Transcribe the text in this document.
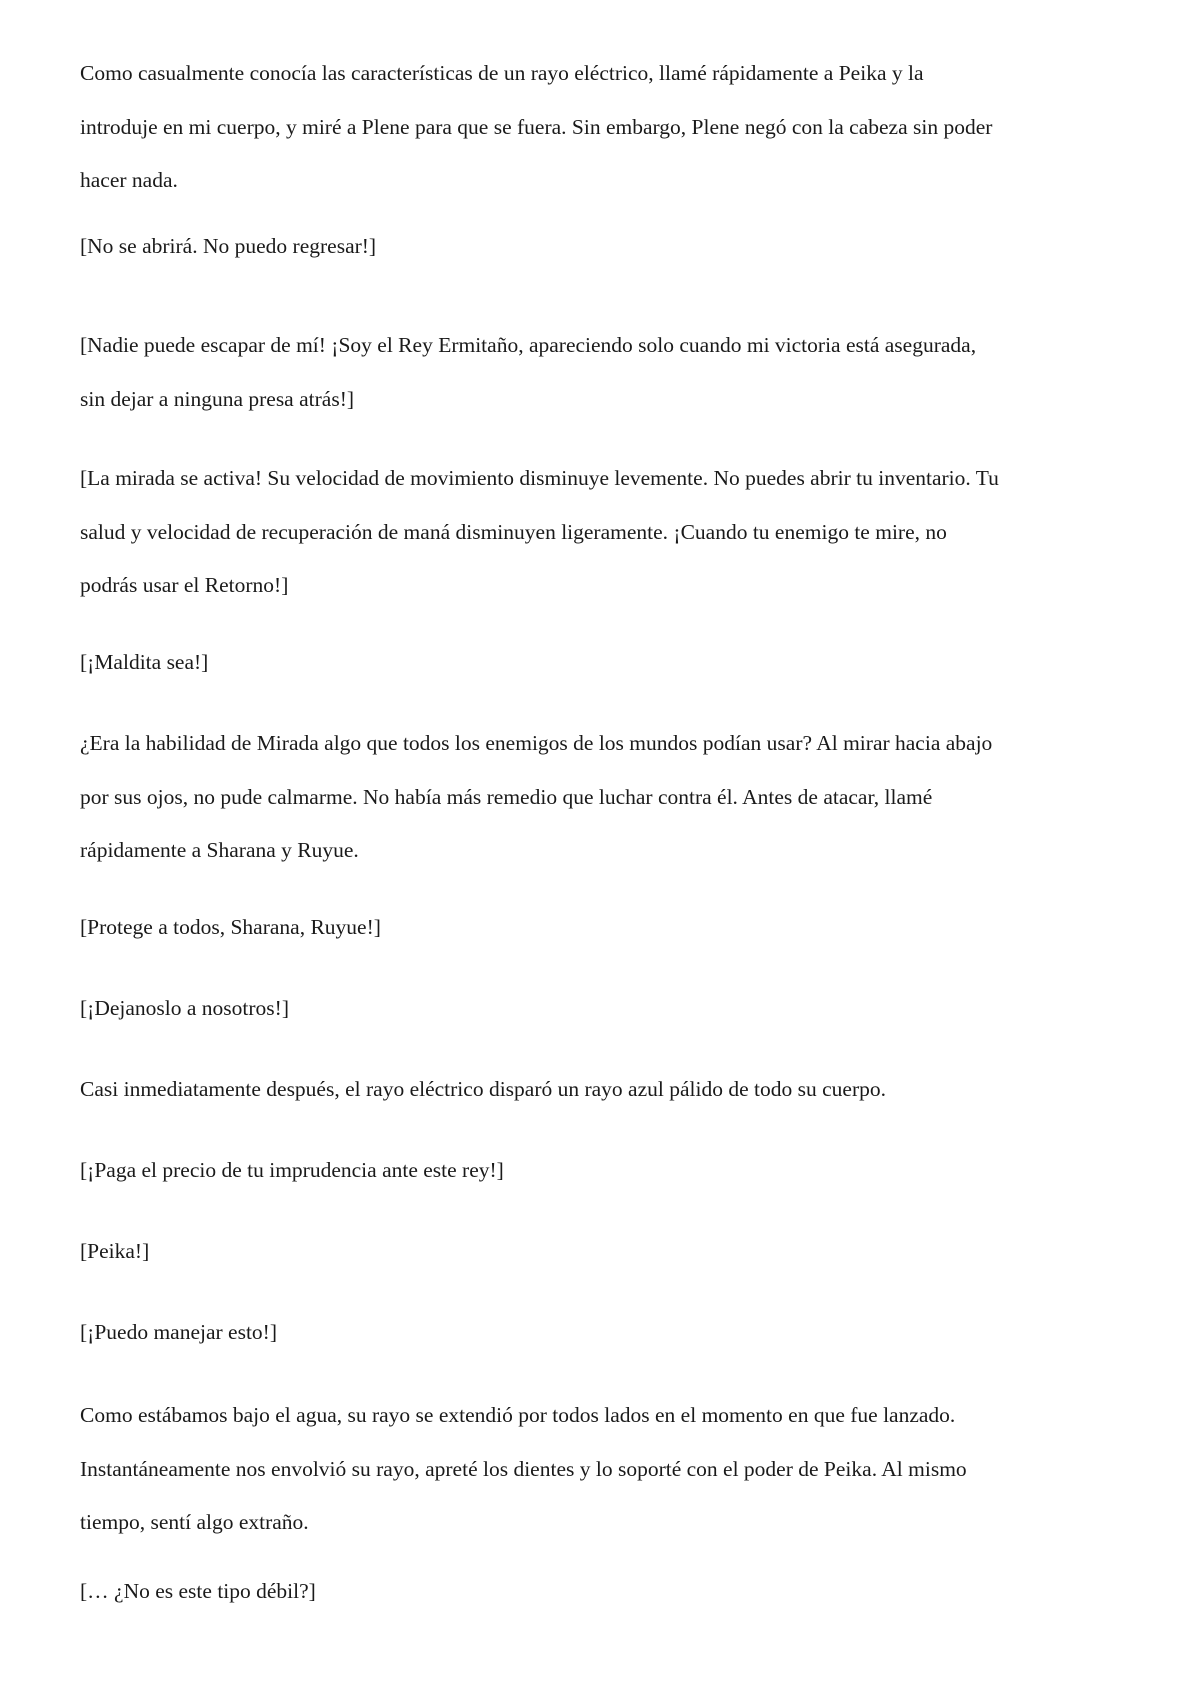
Como casualmente conocía las características de un rayo eléctrico, llamé rápidamente a Peika y la
introduje en mi cuerpo, y miré a Plene para que se fuera. Sin embargo, Plene negó con la cabeza sin poder
hacer nada.

[No se abrirá. No puedo regresar!]

[Nadie puede escapar de mí! ¡Soy el Rey Ermitaño, apareciendo solo cuando mi victoria está asegurada,
sin dejar a ninguna presa atrás!]

[La mirada se activa! Su velocidad de movimiento disminuye levemente. No puedes abrir tu inventario. Tu
salud y velocidad de recuperación de maná disminuyen ligeramente. ¡Cuando tu enemigo te mire, no
podrás usar el Retorno!]

[¡Maldita sea!]

¿Era la habilidad de Mirada algo que todos los enemigos de los mundos podían usar? Al mirar hacia abajo
por sus ojos, no pude calmarme. No había más remedio que luchar contra él. Antes de atacar, llamé
rápidamente a Sharana y Ruyue.

[Protege a todos, Sharana, Ruyue!]

[¡Dejanoslo a nosotros!]

Casi inmediatamente después, el rayo eléctrico disparó un rayo azul pálido de todo su cuerpo.

[¡Paga el precio de tu imprudencia ante este rey!]

[Peika!]

[¡Puedo manejar esto!]

Como estábamos bajo el agua, su rayo se extendió por todos lados en el momento en que fue lanzado.
Instantáneamente nos envolvió su rayo, apreté los dientes y lo soporté con el poder de Peika. Al mismo
tiempo, sentí algo extraño.

[… ¿No es este tipo débil?]
